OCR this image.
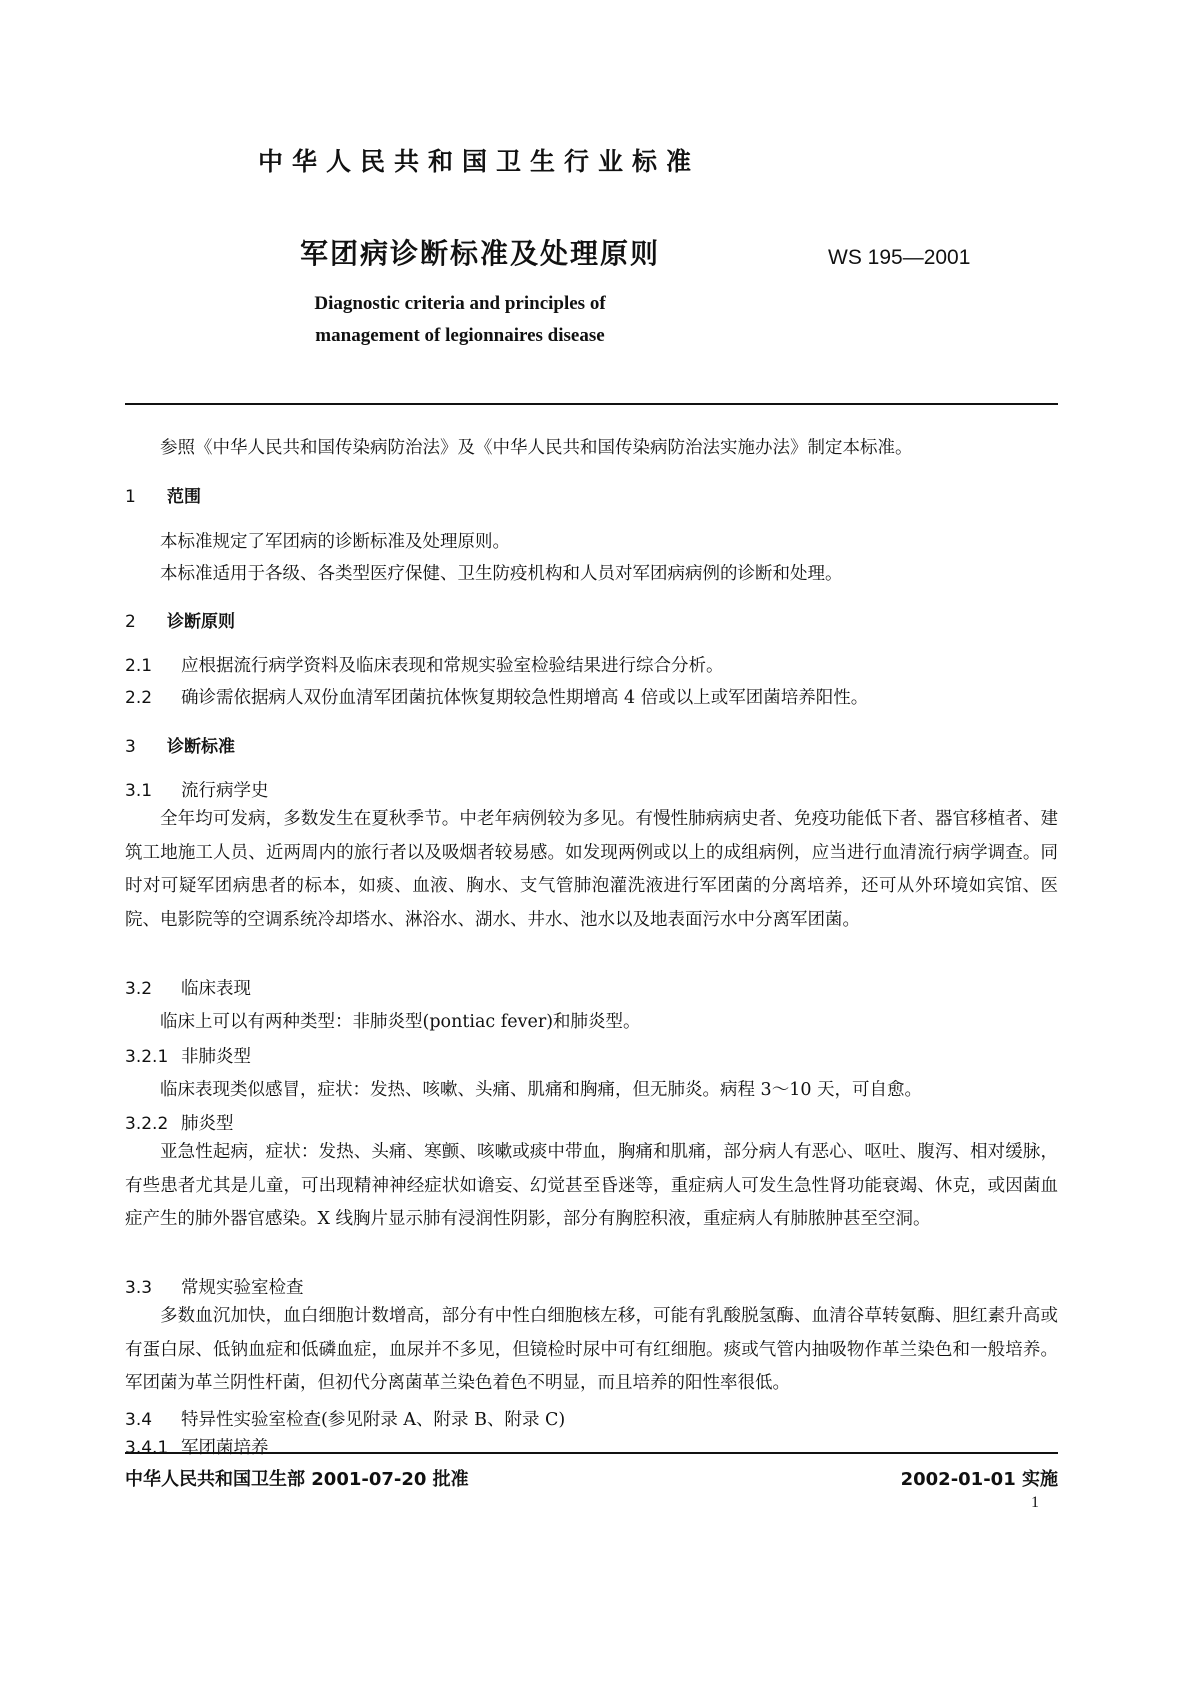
中华人民共和国卫生行业标准
军团病诊断标准及处理原则	WS 195—2001
Diagnostic criteria and principles of
management of legionnaires disease
参照《中华人民共和国传染病防治法》及《中华人民共和国传染病防治法实施办法》制定本标准。
1 范围
本标准规定了军团病的诊断标准及处理原则。
本标准适用于各级、各类型医疗保健、卫生防疫机构和人员对军团病病例的诊断和处理。
2 诊断原则
2.1 应根据流行病学资料及临床表现和常规实验室检验结果进行综合分析。
2.2 确诊需依据病人双份血清军团菌抗体恢复期较急性期增高 4 倍或以上或军团菌培养阳性。
3 诊断标准
3.1 流行病学史
全年均可发病，多数发生在夏秋季节。中老年病例较为多见。有慢性肺病病史者、免疫功能低下者、器官移植者、建筑工地施工人员、近两周内的旅行者以及吸烟者较易感。如发现两例或以上的成组病例，应当进行血清流行病学调查。同时对可疑军团病患者的标本，如痰、血液、胸水、支气管肺泡灌洗液进行军团菌的分离培养，还可从外环境如宾馆、医院、电影院等的空调系统冷却塔水、淋浴水、湖水、井水、池水以及地表面污水中分离军团菌。
3.2 临床表现
临床上可以有两种类型：非肺炎型(pontiac fever)和肺炎型。
3.2.1 非肺炎型
临床表现类似感冒，症状：发热、咳嗽、头痛、肌痛和胸痛，但无肺炎。病程 3～10 天，可自愈。
3.2.2 肺炎型
亚急性起病，症状：发热、头痛、寒颤、咳嗽或痰中带血，胸痛和肌痛，部分病人有恶心、呕吐、腹泻、相对缓脉，有些患者尤其是儿童，可出现精神神经症状如谵妄、幻觉甚至昏迷等，重症病人可发生急性肾功能衰竭、休克，或因菌血症产生的肺外器官感染。X 线胸片显示肺有浸润性阴影，部分有胸腔积液，重症病人有肺脓肿甚至空洞。
3.3 常规实验室检查
多数血沉加快，血白细胞计数增高，部分有中性白细胞核左移，可能有乳酸脱氢酶、血清谷草转氨酶、胆红素升高或有蛋白尿、低钠血症和低磷血症，血尿并不多见，但镜检时尿中可有红细胞。痰或气管内抽吸物作革兰染色和一般培养。军团菌为革兰阴性杆菌，但初代分离菌革兰染色着色不明显，而且培养的阳性率很低。
3.4 特异性实验室检查(参见附录 A、附录 B、附录 C)
3.4.1 军团菌培养
中华人民共和国卫生部 2001-07-20 批准	2002-01-01 实施
1
